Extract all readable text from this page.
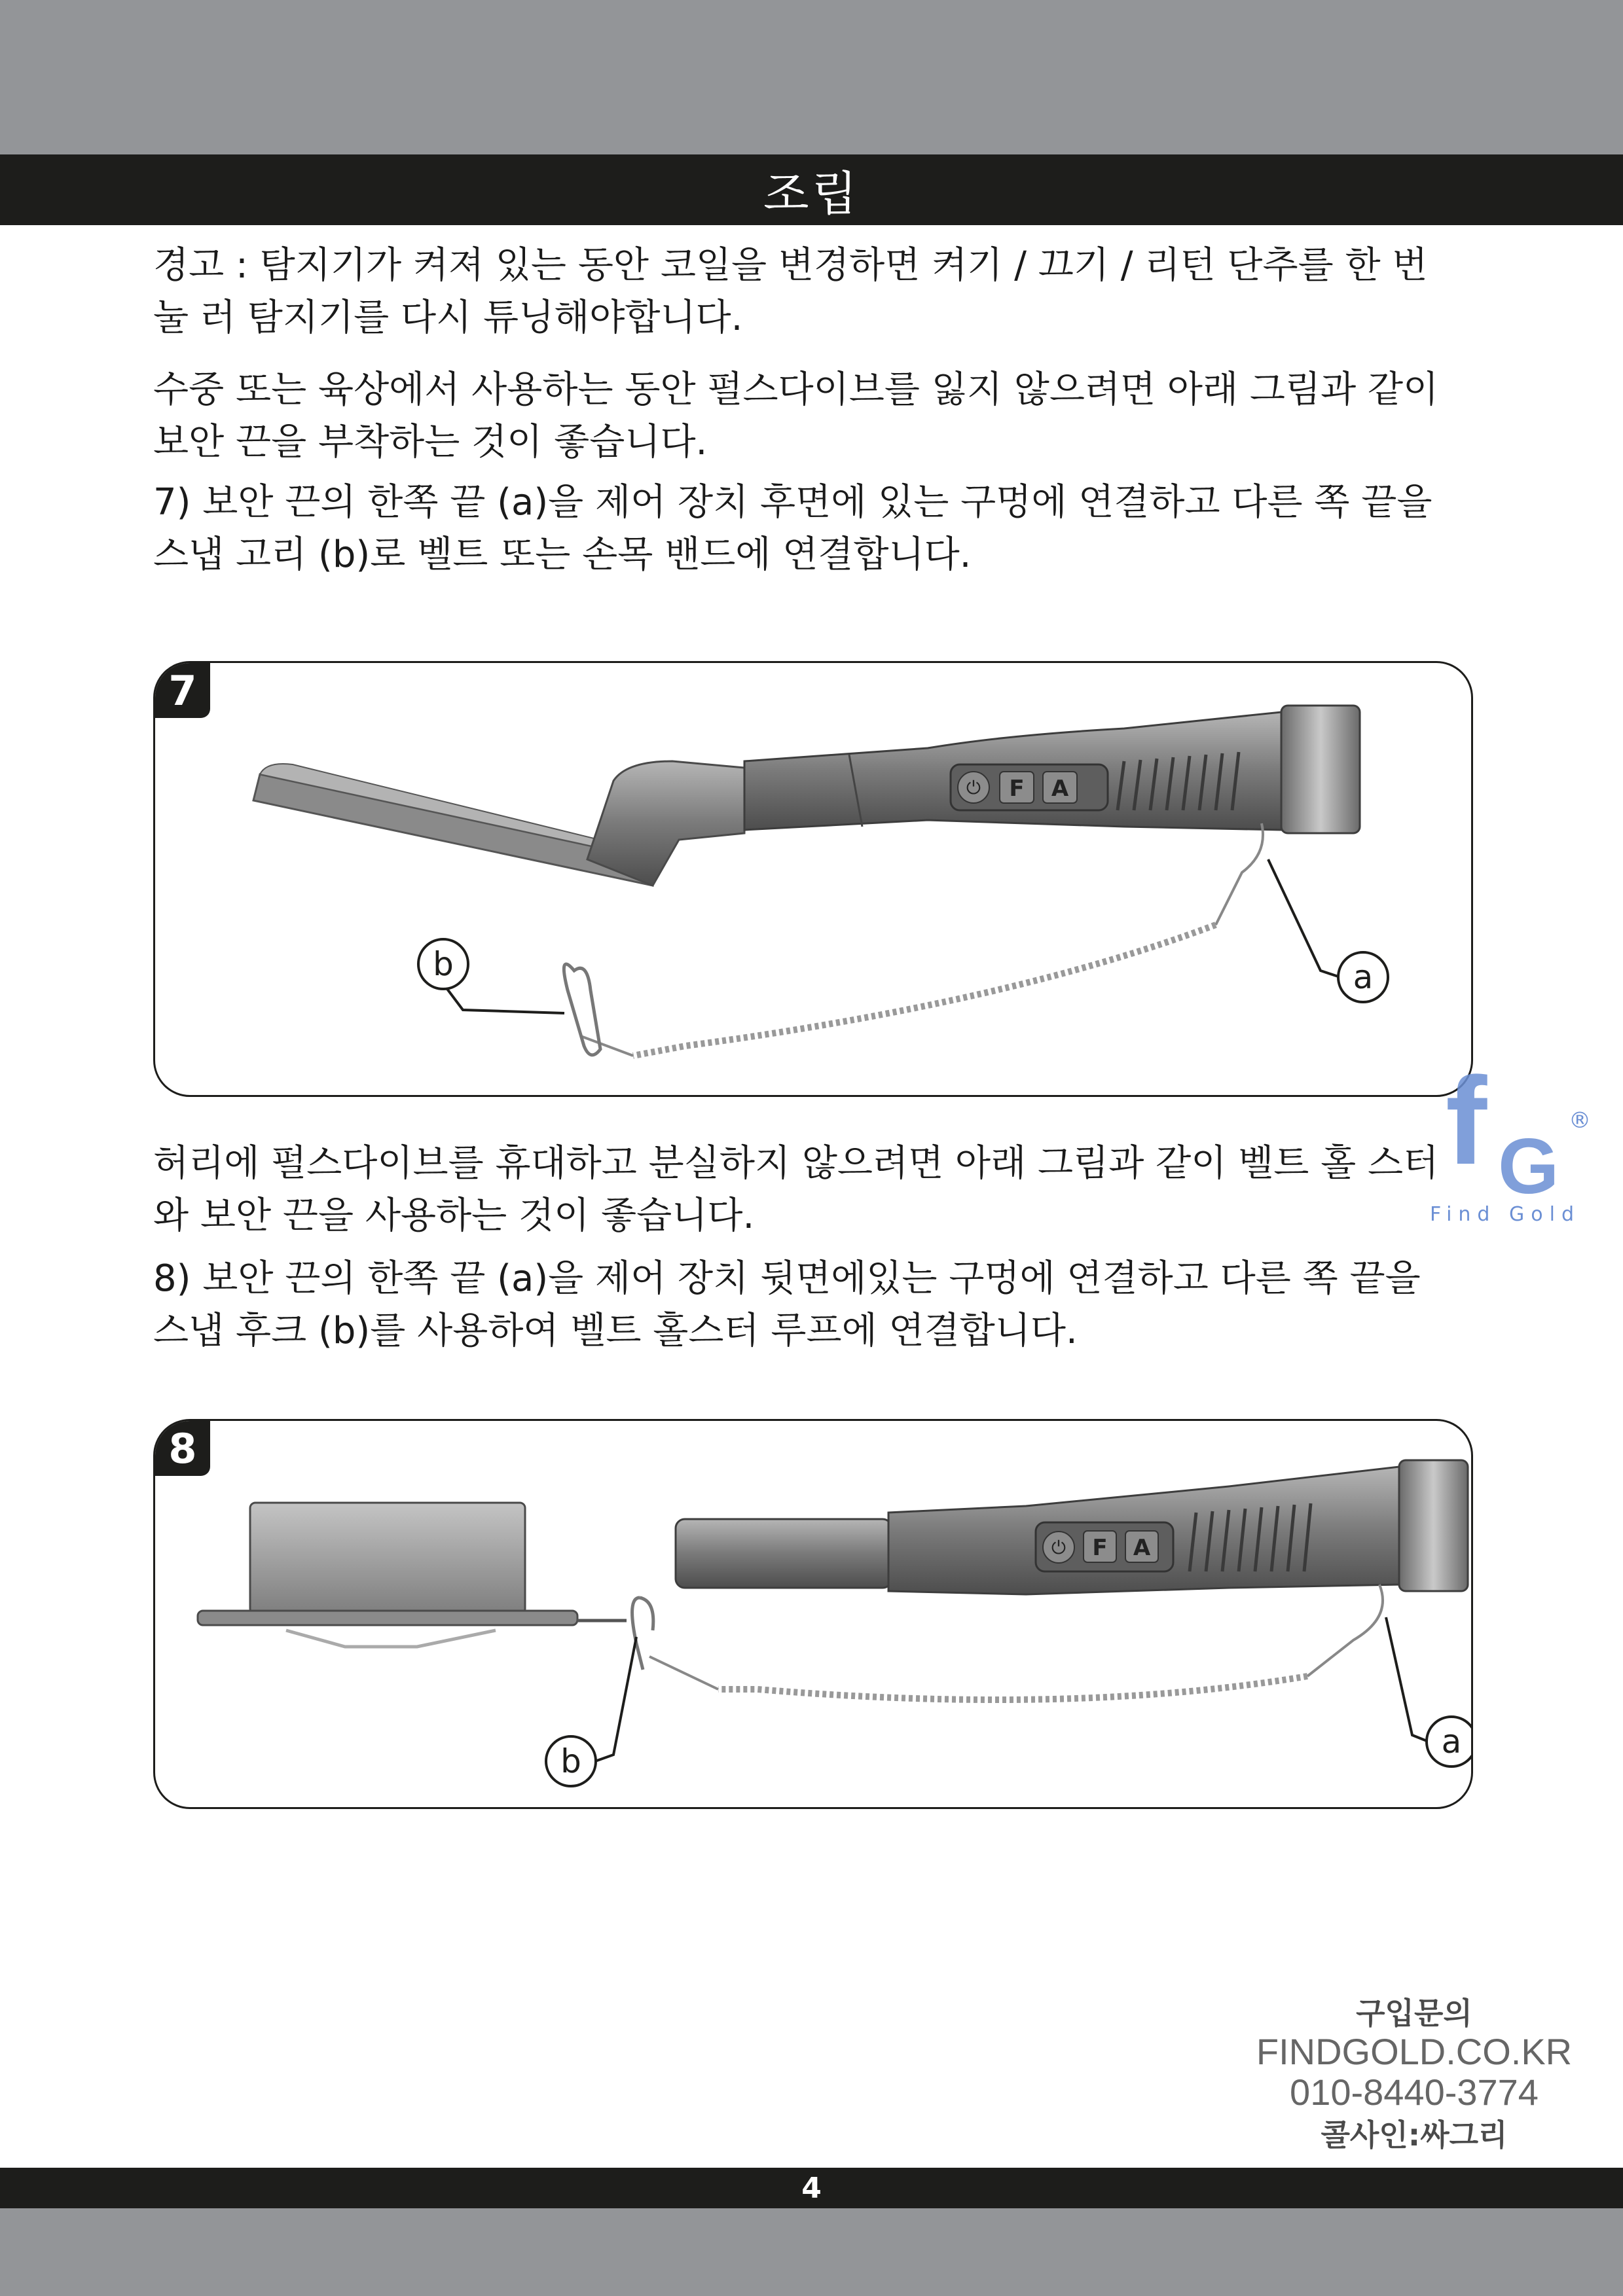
조립

경고 : 탐지기가 켜져 있는 동안 코일을 변경하면 켜기 / 끄기 / 리턴 단추를 한 번 눌 러 탐지기를 다시 튜닝해야합니다.

수중 또는 육상에서 사용하는 동안 펄스다이브를 잃지 않으려면 아래 그림과 같이 보안 끈을 부착하는 것이 좋습니다.

7) 보안 끈의 한쪽 끝 (a)을 제어 장치 후면에 있는 구멍에 연결하고 다른 쪽 끝을 스냅 고리 (b)로 벨트 또는 손목 밴드에 연결합니다.

7
⏻ F A
a
b

허리에 펄스다이브를 휴대하고 분실하지 않으려면 아래 그림과 같이 벨트 홀 스터와 보안 끈을 사용하는 것이 좋습니다.

8) 보안 끈의 한쪽 끝 (a)을 제어 장치 뒷면에있는 구멍에 연결하고 다른 쪽 끝을 스냅 후크 (b)를 사용하여 벨트 홀스터 루프에 연결합니다.

8
⏻ F A
a
b
f G
®
Find Gold
구입문의
FINDGOLD.CO.KR
010-8440-3774
콜사인:싸그리
4
